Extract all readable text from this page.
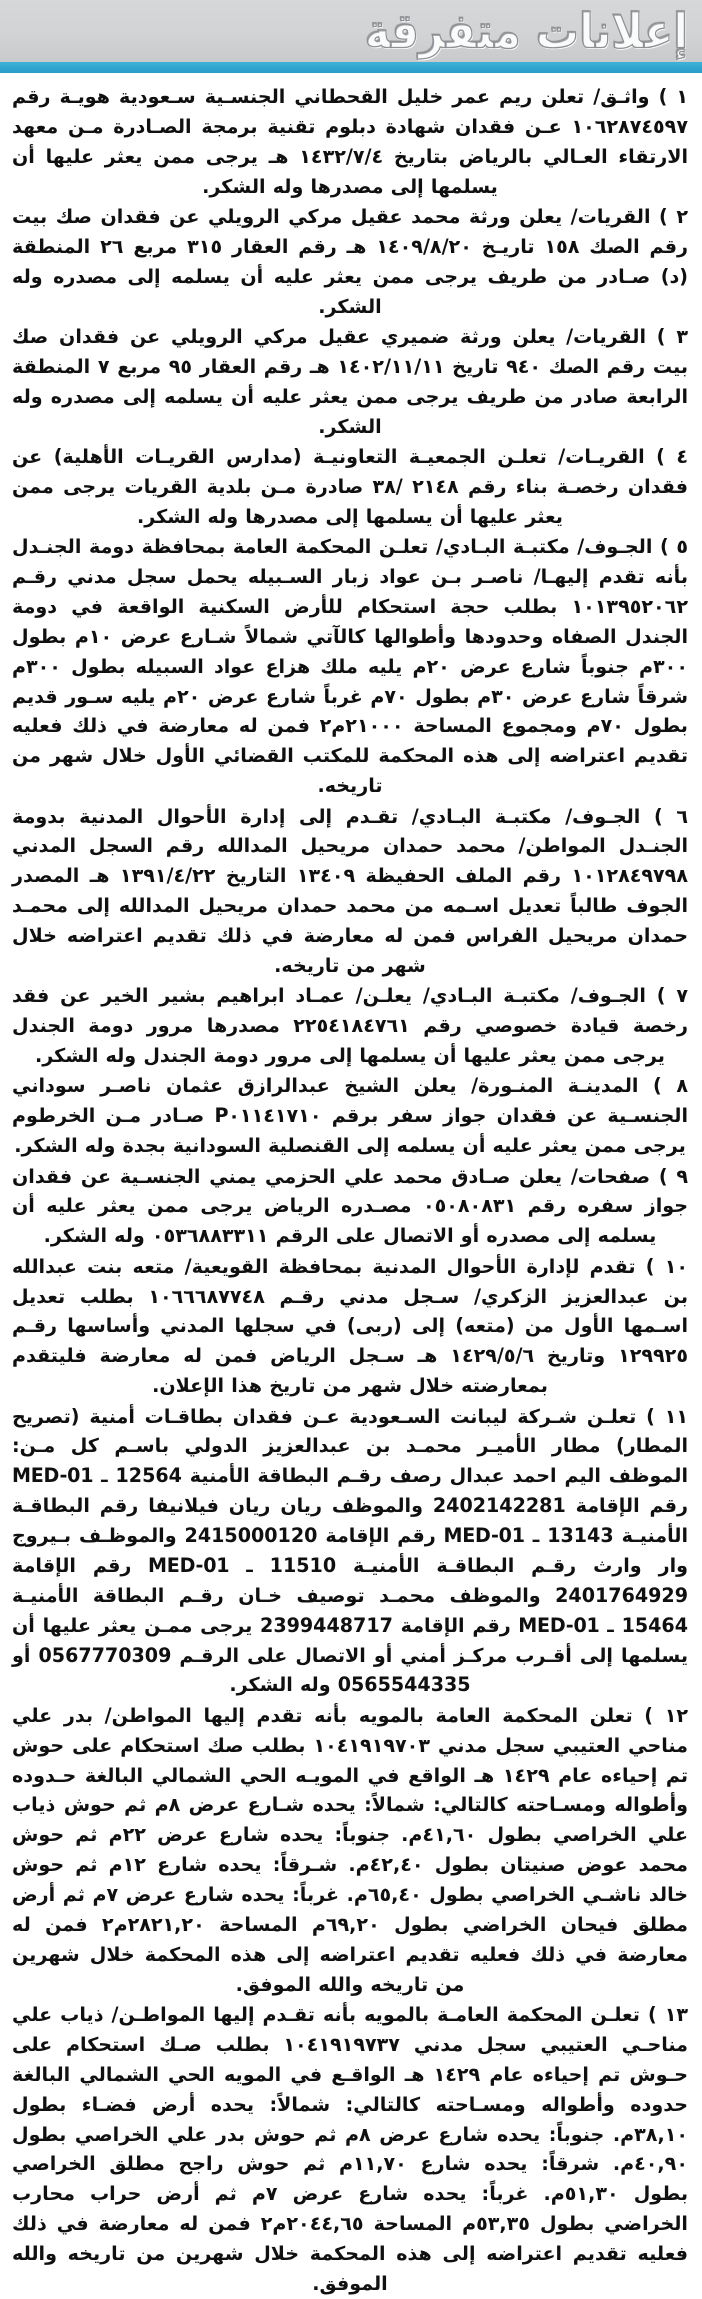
إعلانات متفرقة

١ ) واثـق/ تعلن ريم عمر خليل القحطاني الجنسـية سـعودية هويـة رقم ١٠٦٢٨٧٤٥٩٧ عـن فقدان شهادة دبلوم تقنية برمجة الصـادرة مـن معهد الارتقاء العـالي بالرياض بتاريخ ١٤٣٢/٧/٤ هـ يرجى ممن يعثر عليها أن يسلمها إلى مصدرها وله الشكر.

٢ ) القريات/ يعلن ورثة محمد عقيل مركي الرويلي عن فقدان صك بيت رقم الصك ١٥٨ تاريـخ ١٤٠٩/٨/٢٠ هـ رقم العقار ٣١٥ مربع ٢٦ المنطقة (د) صـادر من طريف يرجى ممن يعثر عليه أن يسلمه إلى مصدره وله الشكر.

٣ ) القريات/ يعلن ورثة ضميري عقيل مركي الرويلي عن فقدان صك بيت رقم الصك ٩٤٠ تاريخ ١٤٠٢/١١/١١ هـ رقم العقار ٩٥ مربع ٧ المنطقة الرابعة صادر من طريف يرجى ممن يعثر عليه أن يسلمه إلى مصدره وله الشكر.

٤ ) القريـات/ تعلـن الجمعيـة التعاونيـة (مدارس القريـات الأهلية) عن فقدان رخصـة بناء رقم ٢١٤٨ /٣٨ صادرة مـن بلدية القريات يرجى ممن يعثر عليها أن يسلمها إلى مصدرها وله الشكر.

٥ ) الجـوف/ مكتبـة البـادي/ تعلـن المحكمة العامة بمحافظة دومة الجنـدل بأنه تقدم إليهـا/ ناصـر بـن عواد زبار السـبيله يحمل سجل مدني رقـم ١٠١٣٩٥٢٠٦٢ بطلب حجة استحكام للأرض السكنية الواقعة في دومة الجندل الصفاه وحدودها وأطوالها كالآتي شمالاً شـارع عرض ١٠م بطول ٣٠٠م جنوباً شارع عرض ٢٠م يليه ملك هزاع عواد السبيله بطول ٣٠٠م شرقاً شارع عرض ٣٠م بطول ٧٠م غرباً شارع عرض ٢٠م يليه سـور قديم بطول ٧٠م ومجموع المساحة ٢١٠٠٠م٢ فمن له معارضة في ذلك فعليه تقديم اعتراضه إلى هذه المحكمة للمكتب القضائي الأول خلال شهر من تاريخه.

٦ ) الجـوف/ مكتبـة البـادي/ تقـدم إلى إدارة الأحوال المدنية بدومة الجنـدل المواطن/ محمد حمدان مريحيل المدالله رقم السجل المدني ١٠١٢٨٤٩٧٩٨ رقم الملف الحفيظة ١٣٤٠٩ التاريخ ١٣٩١/٤/٢٢ هـ المصدر الجوف طالباً تعديل اسـمه من محمد حمدان مريحيل المدالله إلى محمـد حمدان مريحيل الفراس فمن له معارضة في ذلك تقديم اعتراضه خلال شهر من تاريخه.

٧ ) الجـوف/ مكتبـة البـادي/ يعلـن/ عمـاد ابراهيم بشير الخير عن فقد رخصة قيادة خصوصي رقم ٢٢٥٤١٨٤٧٦١ مصدرها مرور دومة الجندل يرجى ممن يعثر عليها أن يسلمها إلى مرور دومة الجندل وله الشكر.

٨ ) المدينـة المنـورة/ يعلن الشيخ عبدالرازق عثمان ناصـر سوداني الجنسـية عن فقدان جواز سفر برقم P٠١١٤١٧١٠ صـادر مـن الخرطوم يرجى ممن يعثر عليه أن يسلمه إلى القنصلية السودانية بجدة وله الشكر.

٩ ) صفحات/ يعلن صـادق محمد علي الحزمي يمني الجنسـية عن فقدان جواز سفره رقم ٠٥٠٨٠٨٣١ مصـدره الرياض يرجى ممن يعثر عليه أن يسلمه إلى مصدره أو الاتصال على الرقم ٠٥٣٦٨٨٣٣١١ وله الشكر.

١٠ ) تقدم لإدارة الأحوال المدنية بمحافظة القويعية/ متعه بنت عبدالله بن عبدالعزيز الزكري/ سـجل مدني رقـم ١٠٦٦٦٨٧٧٤٨ بطلب تعديل اسـمها الأول من (متعه) إلى (ربى) في سجلها المدني وأساسها رقـم ١٢٩٩٢٥ وتاريخ ١٤٢٩/٥/٦ هـ سـجل الرياض فمن له معارضة فليتقدم بمعارضته خلال شهر من تاريخ هذا الإعلان.

١١ ) تعلـن شـركة ليبانت السـعودية عـن فقدان بطاقـات أمنية (تصريح المطار) مطار الأميـر محمـد بن عبدالعزيز الدولي باسـم كل مـن: الموظف اليم احمد عبدال رصف رقـم البطاقة الأمنية 12564 ـ MED-01 رقم الإقامة 2402142281 والموظف ريان ريان فيلانيفا رقم البطاقـة الأمنيـة 13143 ـ MED-01 رقم الإقامة 2415000120 والموظـف بـيروج وار وارث رقـم البطاقـة الأمنيـة 11510 ـ MED-01 رقم الإقامة 2401764929 والموظف محمـد توصيف خـان رقـم البطاقة الأمنيـة 15464 ـ MED-01 رقم الإقامة 2399448717 يرجى ممـن يعثر عليها أن يسلمها إلى أقـرب مركـز أمني أو الاتصال على الرقـم 0567770309 أو 0565544335 وله الشكر.

١٢ ) تعلن المحكمة العامة بالمويه بأنه تقدم إليها المواطن/ بدر علي مناحي العتيبي سجل مدني ١٠٤١٩١٩٧٠٣ بطلب صك استحكام على حوش تم إحياءه عام ١٤٢٩ هـ الواقع في المويـه الحي الشمالي البالغة حـدوده وأطواله ومسـاحته كالتالي: شمالاً: يحده شـارع عرض ٨م ثم حوش ذياب علي الخراصي بطول ٤١,٦٠م. جنوباً: يحده شارع عرض ٢٢م ثم حوش محمد عوض صنيتان بطول ٤٢,٤٠م. شـرقاً: يحده شارع ١٢م ثم حوش خالد ناشـي الخراصي بطول ٦٥,٤٠م. غرباً: يحده شارع عرض ٧م ثم أرض مطلق فيحان الخراضي بطول ٦٩,٢٠م المساحة ٢٨٢١,٢٠م٢ فمن له معارضة في ذلك فعليه تقديم اعتراضه إلى هذه المحكمة خلال شهرين من تاريخه والله الموفق.

١٣ ) تعلـن المحكمة العامـة بالمويه بأنه تقـدم إليها المواطـن/ ذياب علي مناحـي العتيبي سجل مدني ١٠٤١٩١٩٧٣٧ بطلب صـك استحكام على حـوش تم إحياءه عام ١٤٢٩ هـ الواقـع في المويه الحي الشمالي البالغة حدوده وأطواله ومسـاحته كالتالي: شمالاً: يحده أرض فضـاء بطول ٣٨,١٠م. جنوباً: يحده شارع عرض ٨م ثم حوش بدر علي الخراصي بطول ٤٠,٩٠م. شرقاً: يحده شارع ١١,٧٠م ثم حوش راجح مطلق الخراصي بطول ٥١,٣٠م. غرباً: يحده شارع عرض ٧م ثم أرض حراب محارب الخراضي بطول ٥٣,٣٥م المساحة ٢٠٤٤,٦٥م٢ فمن له معارضة في ذلك فعليه تقديم اعتراضه إلى هذه المحكمة خلال شهرين من تاريخه والله الموفق.
